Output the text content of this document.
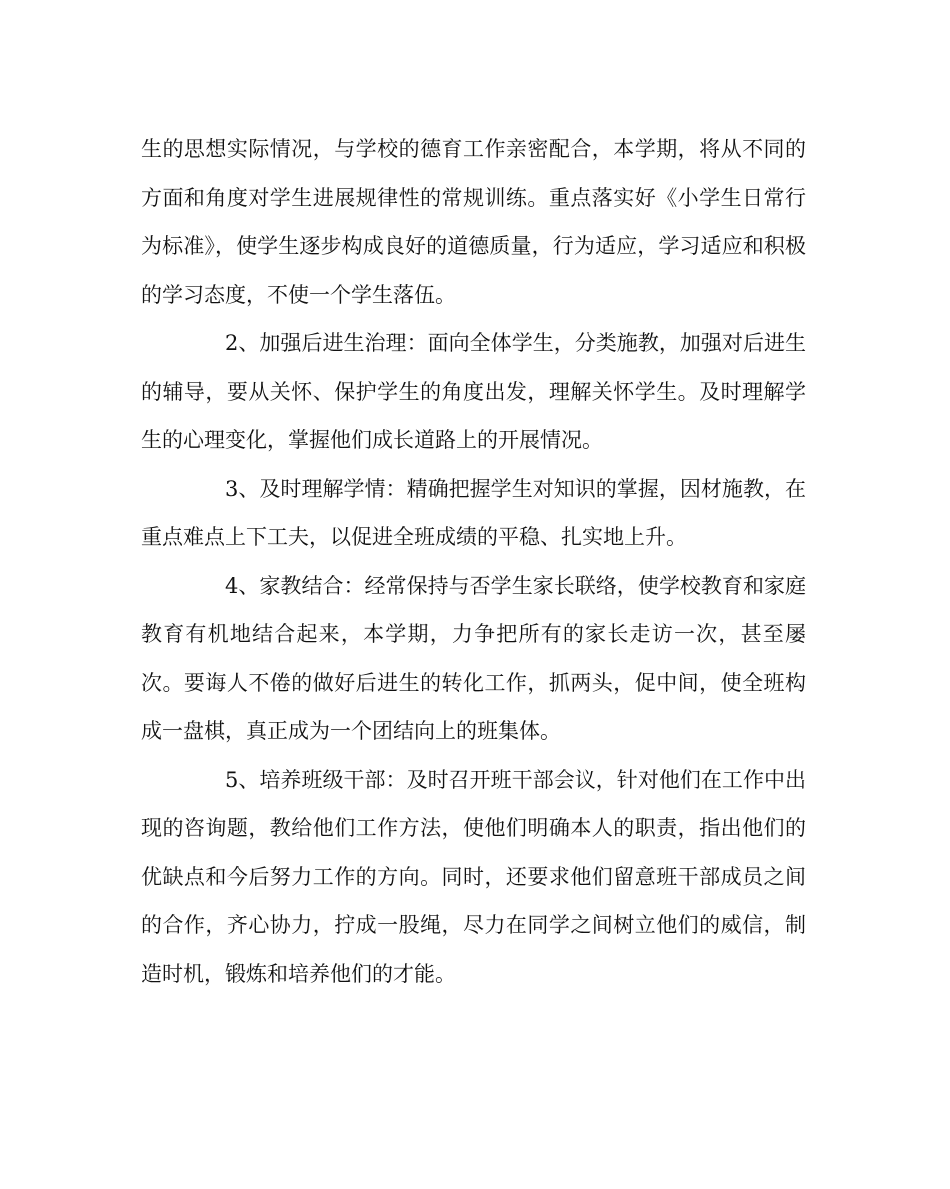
生的思想实际情况，与学校的德育工作亲密配合，本学期，将从不同的方面和角度对学生进展规律性的常规训练。重点落实好《小学生日常行为标准》，使学生逐步构成良好的道德质量，行为适应，学习适应和积极的学习态度，不使一个学生落伍。

2、加强后进生治理：面向全体学生，分类施教，加强对后进生的辅导，要从关怀、保护学生的角度出发，理解关怀学生。及时理解学生的心理变化，掌握他们成长道路上的开展情况。

3、及时理解学情：精确把握学生对知识的掌握，因材施教，在重点难点上下工夫，以促进全班成绩的平稳、扎实地上升。

4、家教结合：经常保持与否学生家长联络，使学校教育和家庭教育有机地结合起来，本学期，力争把所有的家长走访一次，甚至屡次。要诲人不倦的做好后进生的转化工作，抓两头，促中间，使全班构成一盘棋，真正成为一个团结向上的班集体。

5、培养班级干部：及时召开班干部会议，针对他们在工作中出现的咨询题，教给他们工作方法，使他们明确本人的职责，指出他们的优缺点和今后努力工作的方向。同时，还要求他们留意班干部成员之间的合作，齐心协力，拧成一股绳，尽力在同学之间树立他们的威信，制造时机，锻炼和培养他们的才能。
